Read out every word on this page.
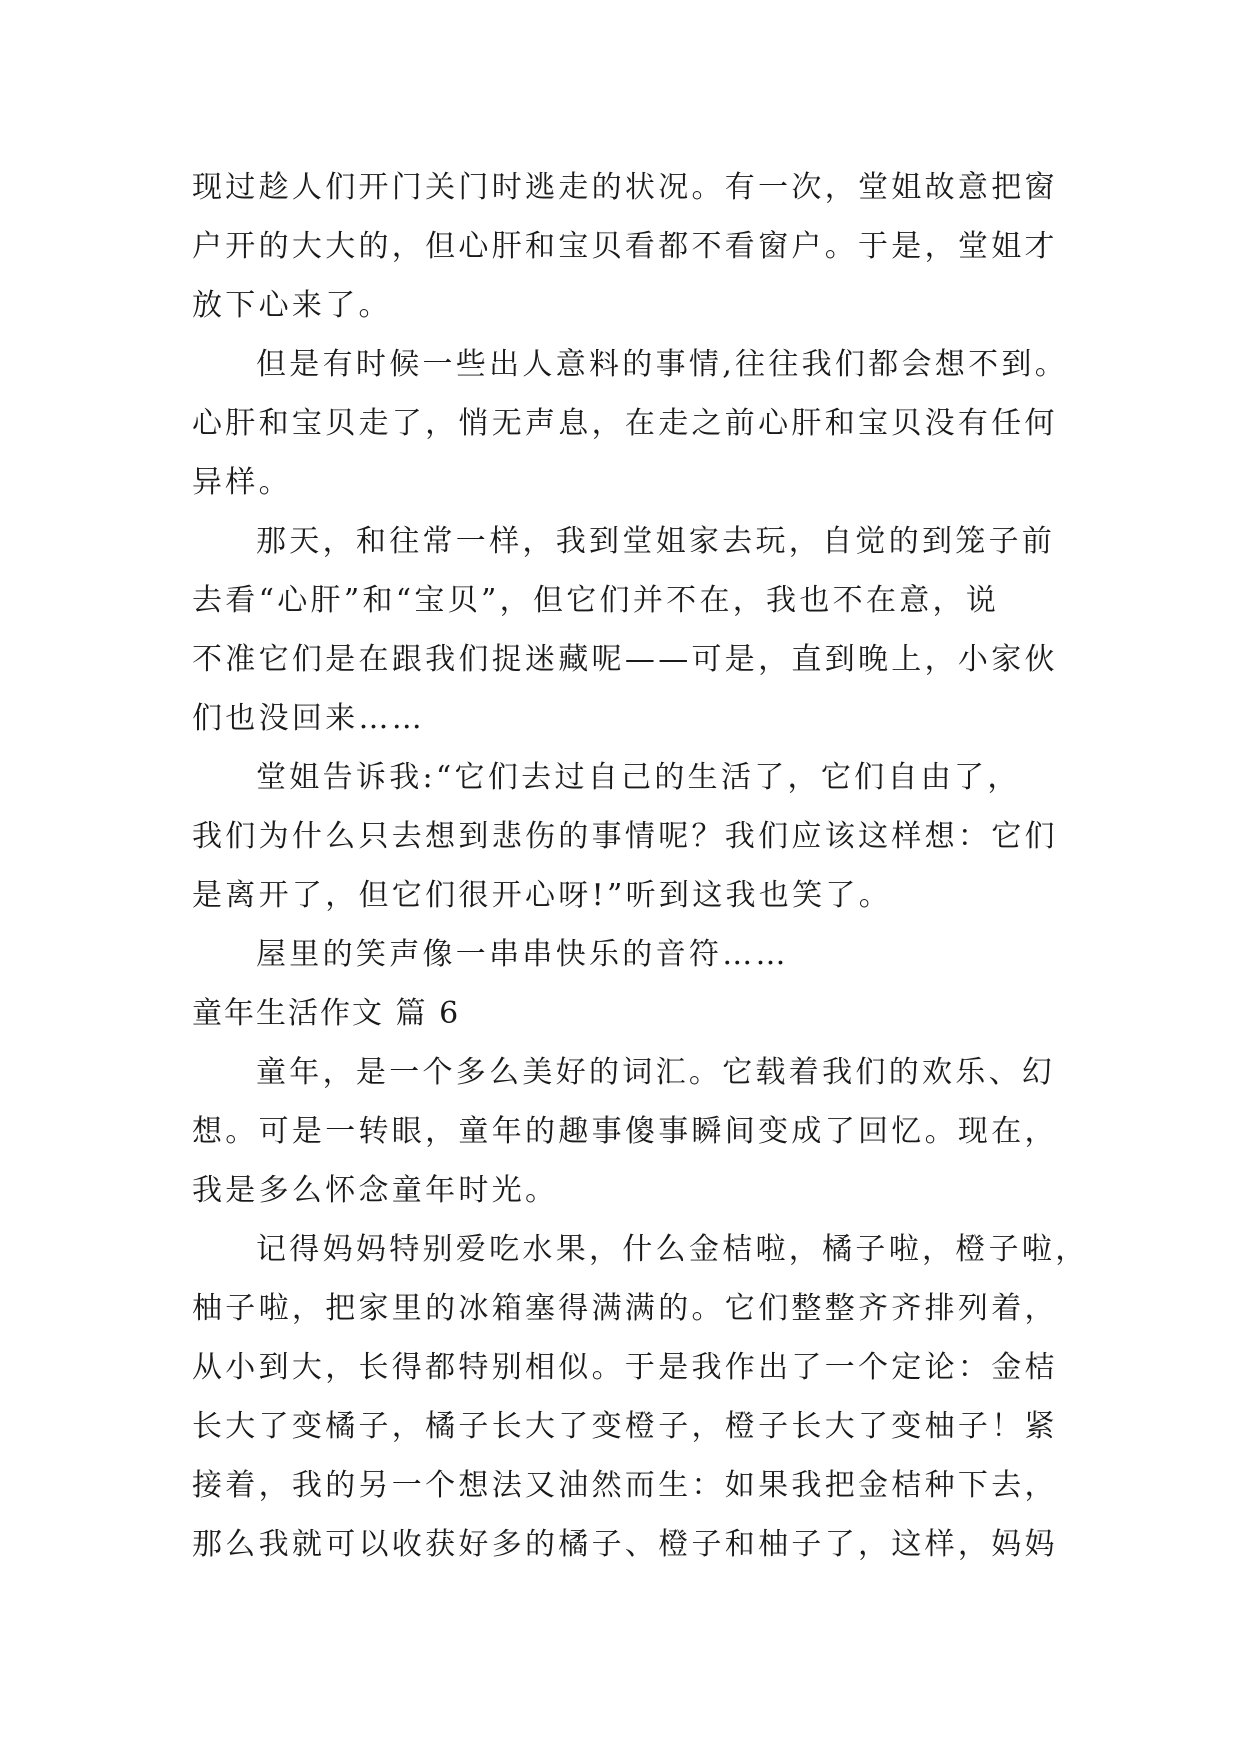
现过趁人们开门关门时逃走的状况。有一次，堂姐故意把窗
户开的大大的，但心肝和宝贝看都不看窗户。于是，堂姐才
放下心来了。
但是有时候一些出人意料的事情,往往我们都会想不到。
心肝和宝贝走了，悄无声息，在走之前心肝和宝贝没有任何
异样。
那天，和往常一样，我到堂姐家去玩，自觉的到笼子前
去看“心肝”和“宝贝”，但它们并不在，我也不在意，说
不准它们是在跟我们捉迷藏呢——可是，直到晚上，小家伙
们也没回来……
堂姐告诉我:“它们去过自己的生活了，它们自由了，
我们为什么只去想到悲伤的事情呢？我们应该这样想：它们
是离开了，但它们很开心呀!”听到这我也笑了。
屋里的笑声像一串串快乐的音符……
童年生活作文 篇 6
童年，是一个多么美好的词汇。它载着我们的欢乐、幻
想。可是一转眼，童年的趣事傻事瞬间变成了回忆。现在，
我是多么怀念童年时光。
记得妈妈特别爱吃水果，什么金桔啦，橘子啦，橙子啦，
柚子啦，把家里的冰箱塞得满满的。它们整整齐齐排列着，
从小到大，长得都特别相似。于是我作出了一个定论：金桔
长大了变橘子，橘子长大了变橙子，橙子长大了变柚子！紧
接着，我的另一个想法又油然而生：如果我把金桔种下去，
那么我就可以收获好多的橘子、橙子和柚子了，这样，妈妈
